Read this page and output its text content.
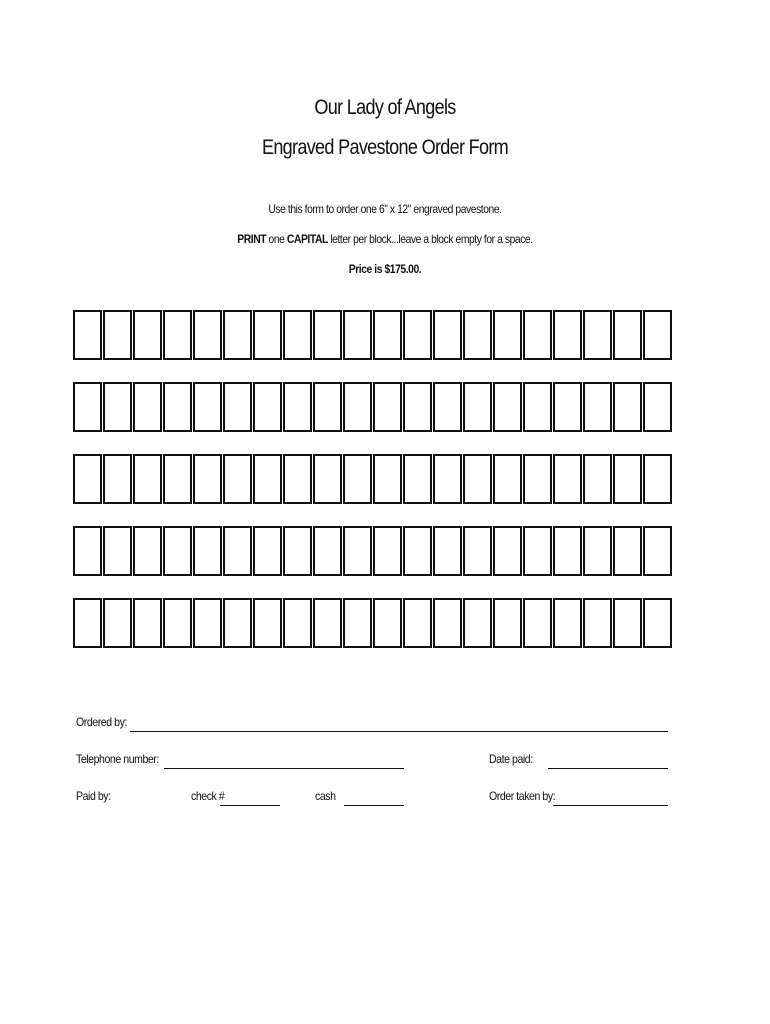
Our Lady of Angels
Engraved Pavestone Order Form
Use this form to order one 6" x 12" engraved pavestone.
PRINT one CAPITAL letter per block...leave a block empty for a space.
Price is $175.00.
Ordered by:
Telephone number:	Date paid:
Paid by:	check #	cash	Order taken by:
